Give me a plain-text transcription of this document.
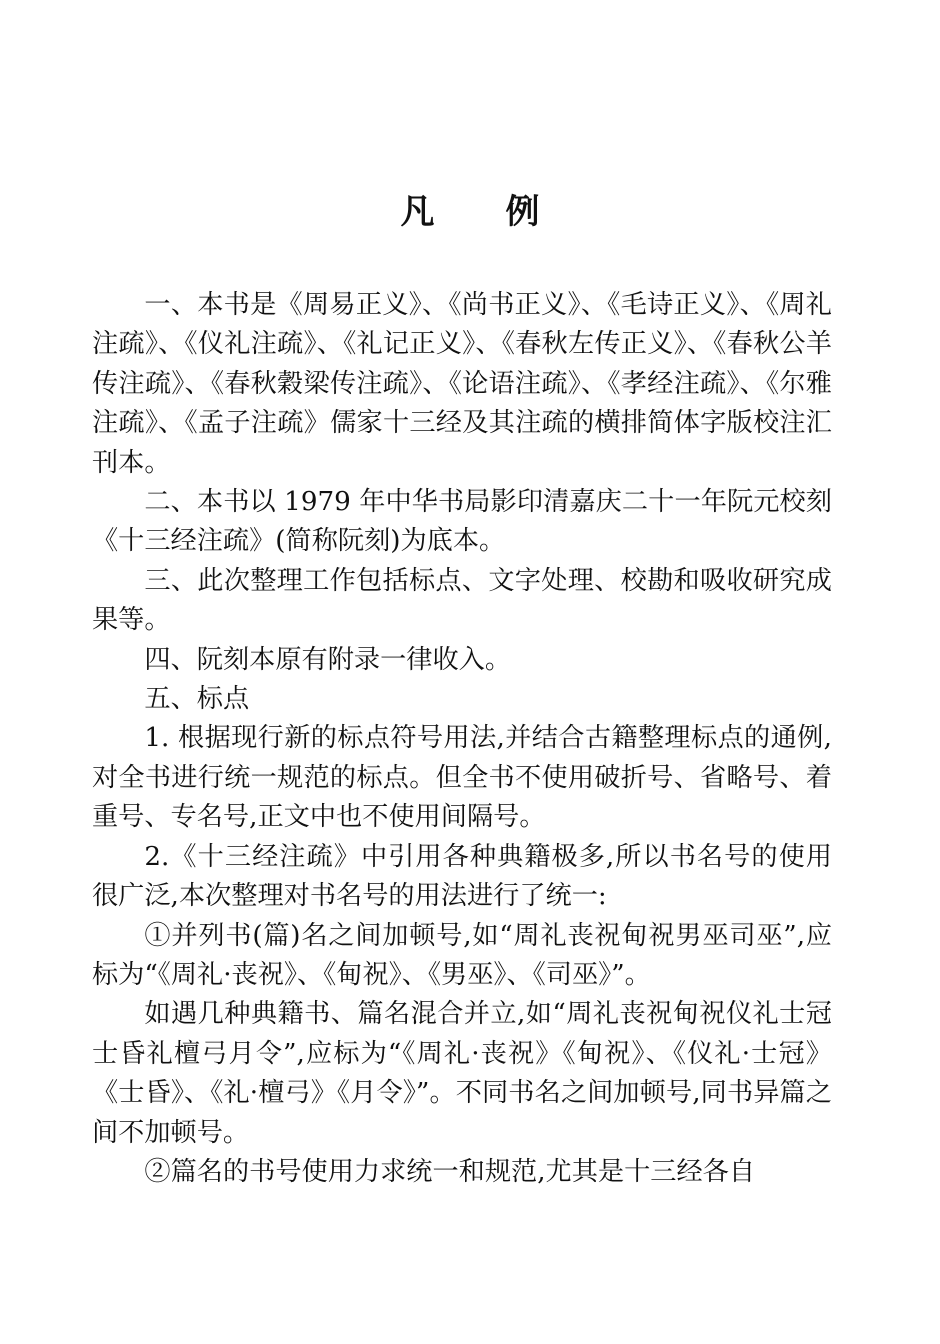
凡      例

一、本书是《周易正义》、《尚书正义》、《毛诗正义》、《周礼注疏》、《仪礼注疏》、《礼记正义》、《春秋左传正义》、《春秋公羊传注疏》、《春秋穀梁传注疏》、《论语注疏》、《孝经注疏》、《尔雅注疏》、《孟子注疏》儒家十三经及其注疏的横排简体字版校注汇刊本。

二、本书以 1979 年中华书局影印清嘉庆二十一年阮元校刻《十三经注疏》(简称阮刻)为底本。

三、此次整理工作包括标点、文字处理、校勘和吸收研究成果等。

四、阮刻本原有附录一律收入。

五、标点

1. 根据现行新的标点符号用法,并结合古籍整理标点的通例,对全书进行统一规范的标点。但全书不使用破折号、省略号、着重号、专名号,正文中也不使用间隔号。

2.《十三经注疏》中引用各种典籍极多,所以书名号的使用很广泛,本次整理对书名号的用法进行了统一:

①并列书(篇)名之间加顿号,如“周礼丧祝甸祝男巫司巫”,应标为“《周礼·丧祝》、《甸祝》、《男巫》、《司巫》”。

如遇几种典籍书、篇名混合并立,如“周礼丧祝甸祝仪礼士冠士昏礼檀弓月令”,应标为“《周礼·丧祝》《甸祝》、《仪礼·士冠》《士昏》、《礼·檀弓》《月令》”。不同书名之间加顿号,同书异篇之间不加顿号。

②篇名的书号使用力求统一和规范,尤其是十三经各自
